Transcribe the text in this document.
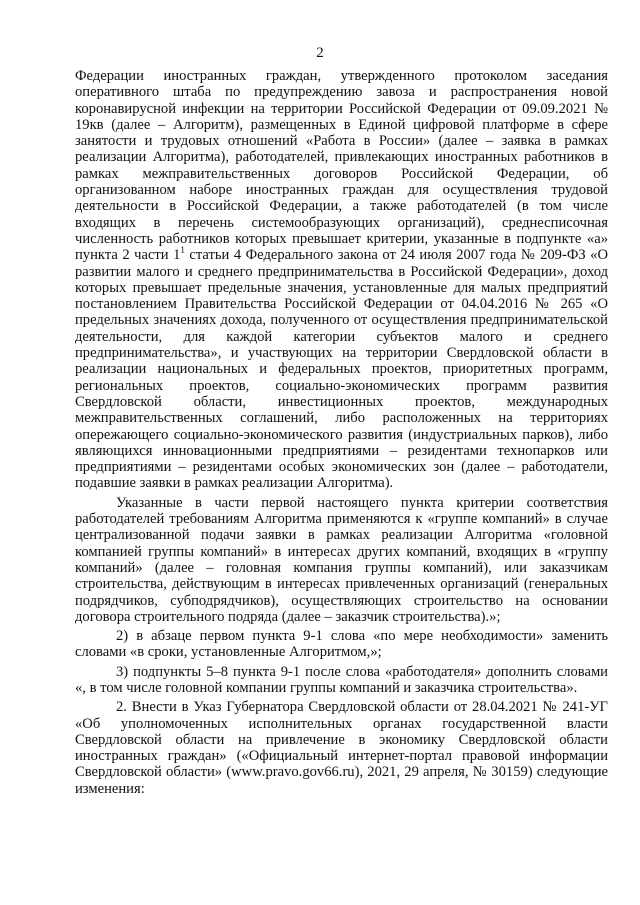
2

Федерации иностранных граждан, утвержденного протоколом заседания оперативного штаба по предупреждению завоза и распространения новой коронавирусной инфекции на территории Российской Федерации от 09.09.2021 № 19кв (далее – Алгоритм), размещенных в Единой цифровой платформе в сфере занятости и трудовых отношений «Работа в России» (далее – заявка в рамках реализации Алгоритма), работодателей, привлекающих иностранных работников в рамках межправительственных договоров Российской Федерации, об организованном наборе иностранных граждан для осуществления трудовой деятельности в Российской Федерации, а также работодателей (в том числе входящих в перечень системообразующих организаций), среднесписочная численность работников которых превышает критерии, указанные в подпункте «а» пункта 2 части $1^1$ статьи 4 Федерального закона от 24 июля 2007 года № 209-ФЗ «О развитии малого и среднего предпринимательства в Российской Федерации», доход которых превышает предельные значения, установленные для малых предприятий постановлением Правительства Российской Федерации от 04.04.2016 № 265 «О предельных значениях дохода, полученного от осуществления предпринимательской деятельности, для каждой категории субъектов малого и среднего предпринимательства», и участвующих на территории Свердловской области в реализации национальных и федеральных проектов, приоритетных программ, региональных проектов, социально-экономических программ развития Свердловской области, инвестиционных проектов, международных межправительственных соглашений, либо расположенных на территориях опережающего социально-экономического развития (индустриальных парков), либо являющихся инновационными предприятиями – резидентами технопарков или предприятиями – резидентами особых экономических зон (далее – работодатели, подавшие заявки в рамках реализации Алгоритма).

Указанные в части первой настоящего пункта критерии соответствия работодателей требованиям Алгоритма применяются к «группе компаний» в случае централизованной подачи заявки в рамках реализации Алгоритма «головной компанией группы компаний» в интересах других компаний, входящих в «группу компаний» (далее – головная компания группы компаний), или заказчикам строительства, действующим в интересах привлеченных организаций (генеральных подрядчиков, субподрядчиков), осуществляющих строительство на основании договора строительного подряда (далее – заказчик строительства).»;

2) в абзаце первом пункта 9-1 слова «по мере необходимости» заменить словами «в сроки, установленные Алгоритмом,»;

3) подпункты 5–8 пункта 9-1 после слова «работодателя» дополнить словами «, в том числе головной компании группы компаний и заказчика строительства».

2. Внести в Указ Губернатора Свердловской области от 28.04.2021 № 241-УГ «Об уполномоченных исполнительных органах государственной власти Свердловской области на привлечение в экономику Свердловской области иностранных граждан» («Официальный интернет-портал правовой информации Свердловской области» (www.pravo.gov66.ru), 2021, 29 апреля, № 30159) следующие изменения:
